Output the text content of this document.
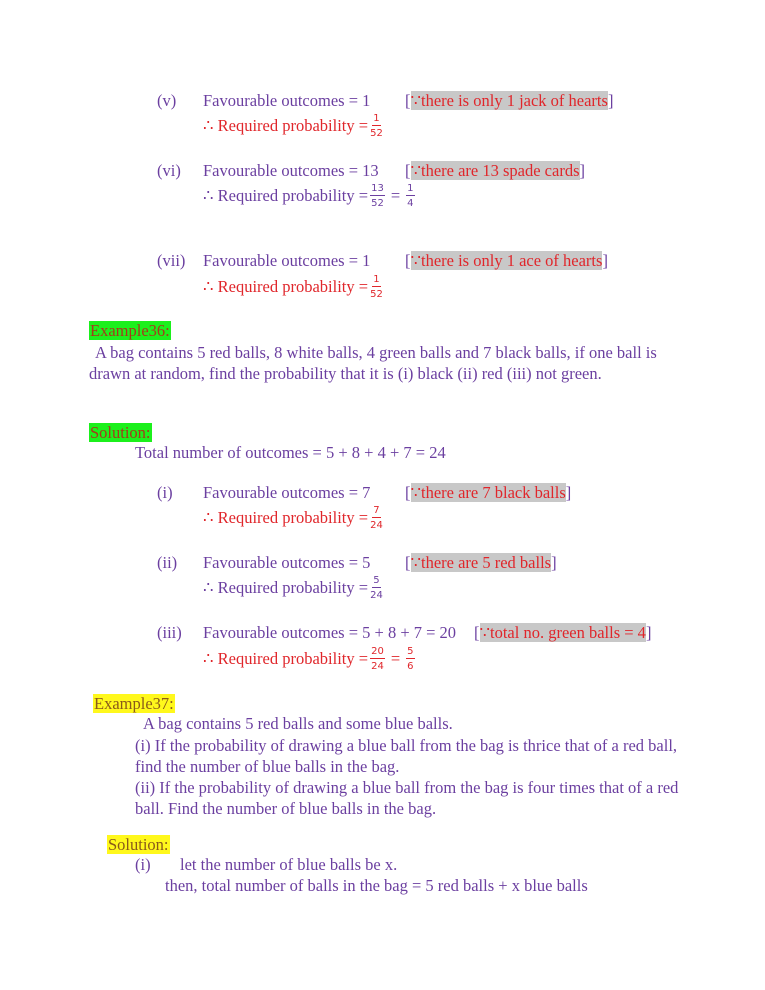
(v) Favourable outcomes = 1 [∵there is only 1 jack of hearts]
∴ Required probability = $\frac{1}{52}$
(vi) Favourable outcomes = 13 [∵there are 13 spade cards]
∴ Required probability = $\frac{13}{52} = \frac{1}{4}$
(vii) Favourable outcomes = 1 [∵there is only 1 ace of hearts]
∴ Required probability = $\frac{1}{52}$
Example36:
A bag contains 5 red balls, 8 white balls, 4 green balls and 7 black balls, if one ball is drawn at random, find the probability that it is (i) black (ii) red (iii) not green.
Solution:
Total number of outcomes = 5 + 8 + 4 + 7 = 24
(i) Favourable outcomes = 7 [∵there are 7 black balls]
∴ Required probability = $\frac{7}{24}$
(ii) Favourable outcomes = 5 [∵there are 5 red balls]
∴ Required probability = $\frac{5}{24}$
(iii) Favourable outcomes = 5 + 8 + 7 = 20 [∵total no. green balls = 4]
∴ Required probability = $\frac{20}{24} = \frac{5}{6}$
Example37:
A bag contains 5 red balls and some blue balls.
(i) If the probability of drawing a blue ball from the bag is thrice that of a red ball, find the number of blue balls in the bag.
(ii) If the probability of drawing a blue ball from the bag is four times that of a red ball. Find the number of blue balls in the bag.
Solution:
(i) let the number of blue balls be x.
then, total number of balls in the bag = 5 red balls + x blue balls
